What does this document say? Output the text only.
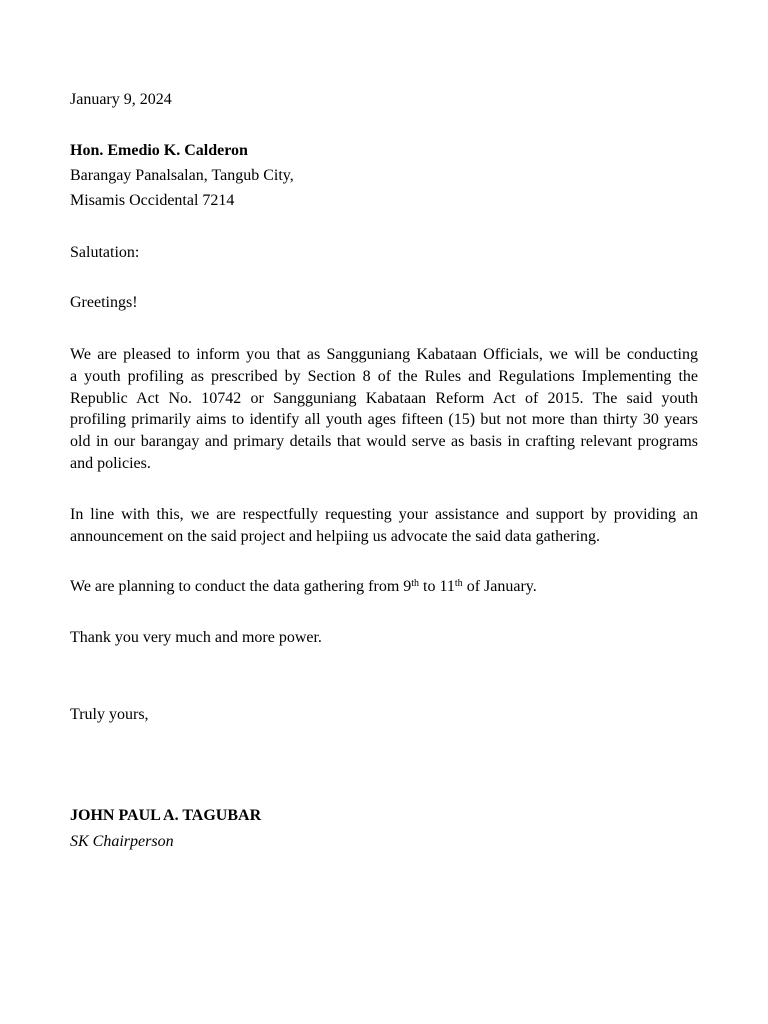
January 9, 2024
Hon. Emedio K. Calderon
Barangay Panalsalan, Tangub City,
Misamis Occidental 7214
Salutation:
Greetings!
We are pleased to inform you that as Sangguniang Kabataan Officials, we will be conducting
a youth profiling as prescribed by Section 8 of the Rules and Regulations Implementing the
Republic Act No. 10742 or Sangguniang Kabataan Reform Act of 2015. The said youth
profiling primarily aims to identify all youth ages fifteen (15) but not more than thirty 30 years
old in our barangay and primary details that would serve as basis in crafting relevant programs
and policies.
In line with this, we are respectfully requesting your assistance and support by providing an
announcement on the said project and helpiing us advocate the said data gathering.
We are planning to conduct the data gathering from 9th to 11th of January.
Thank you very much and more power.
Truly yours,
JOHN PAUL A. TAGUBAR
SK Chairperson
